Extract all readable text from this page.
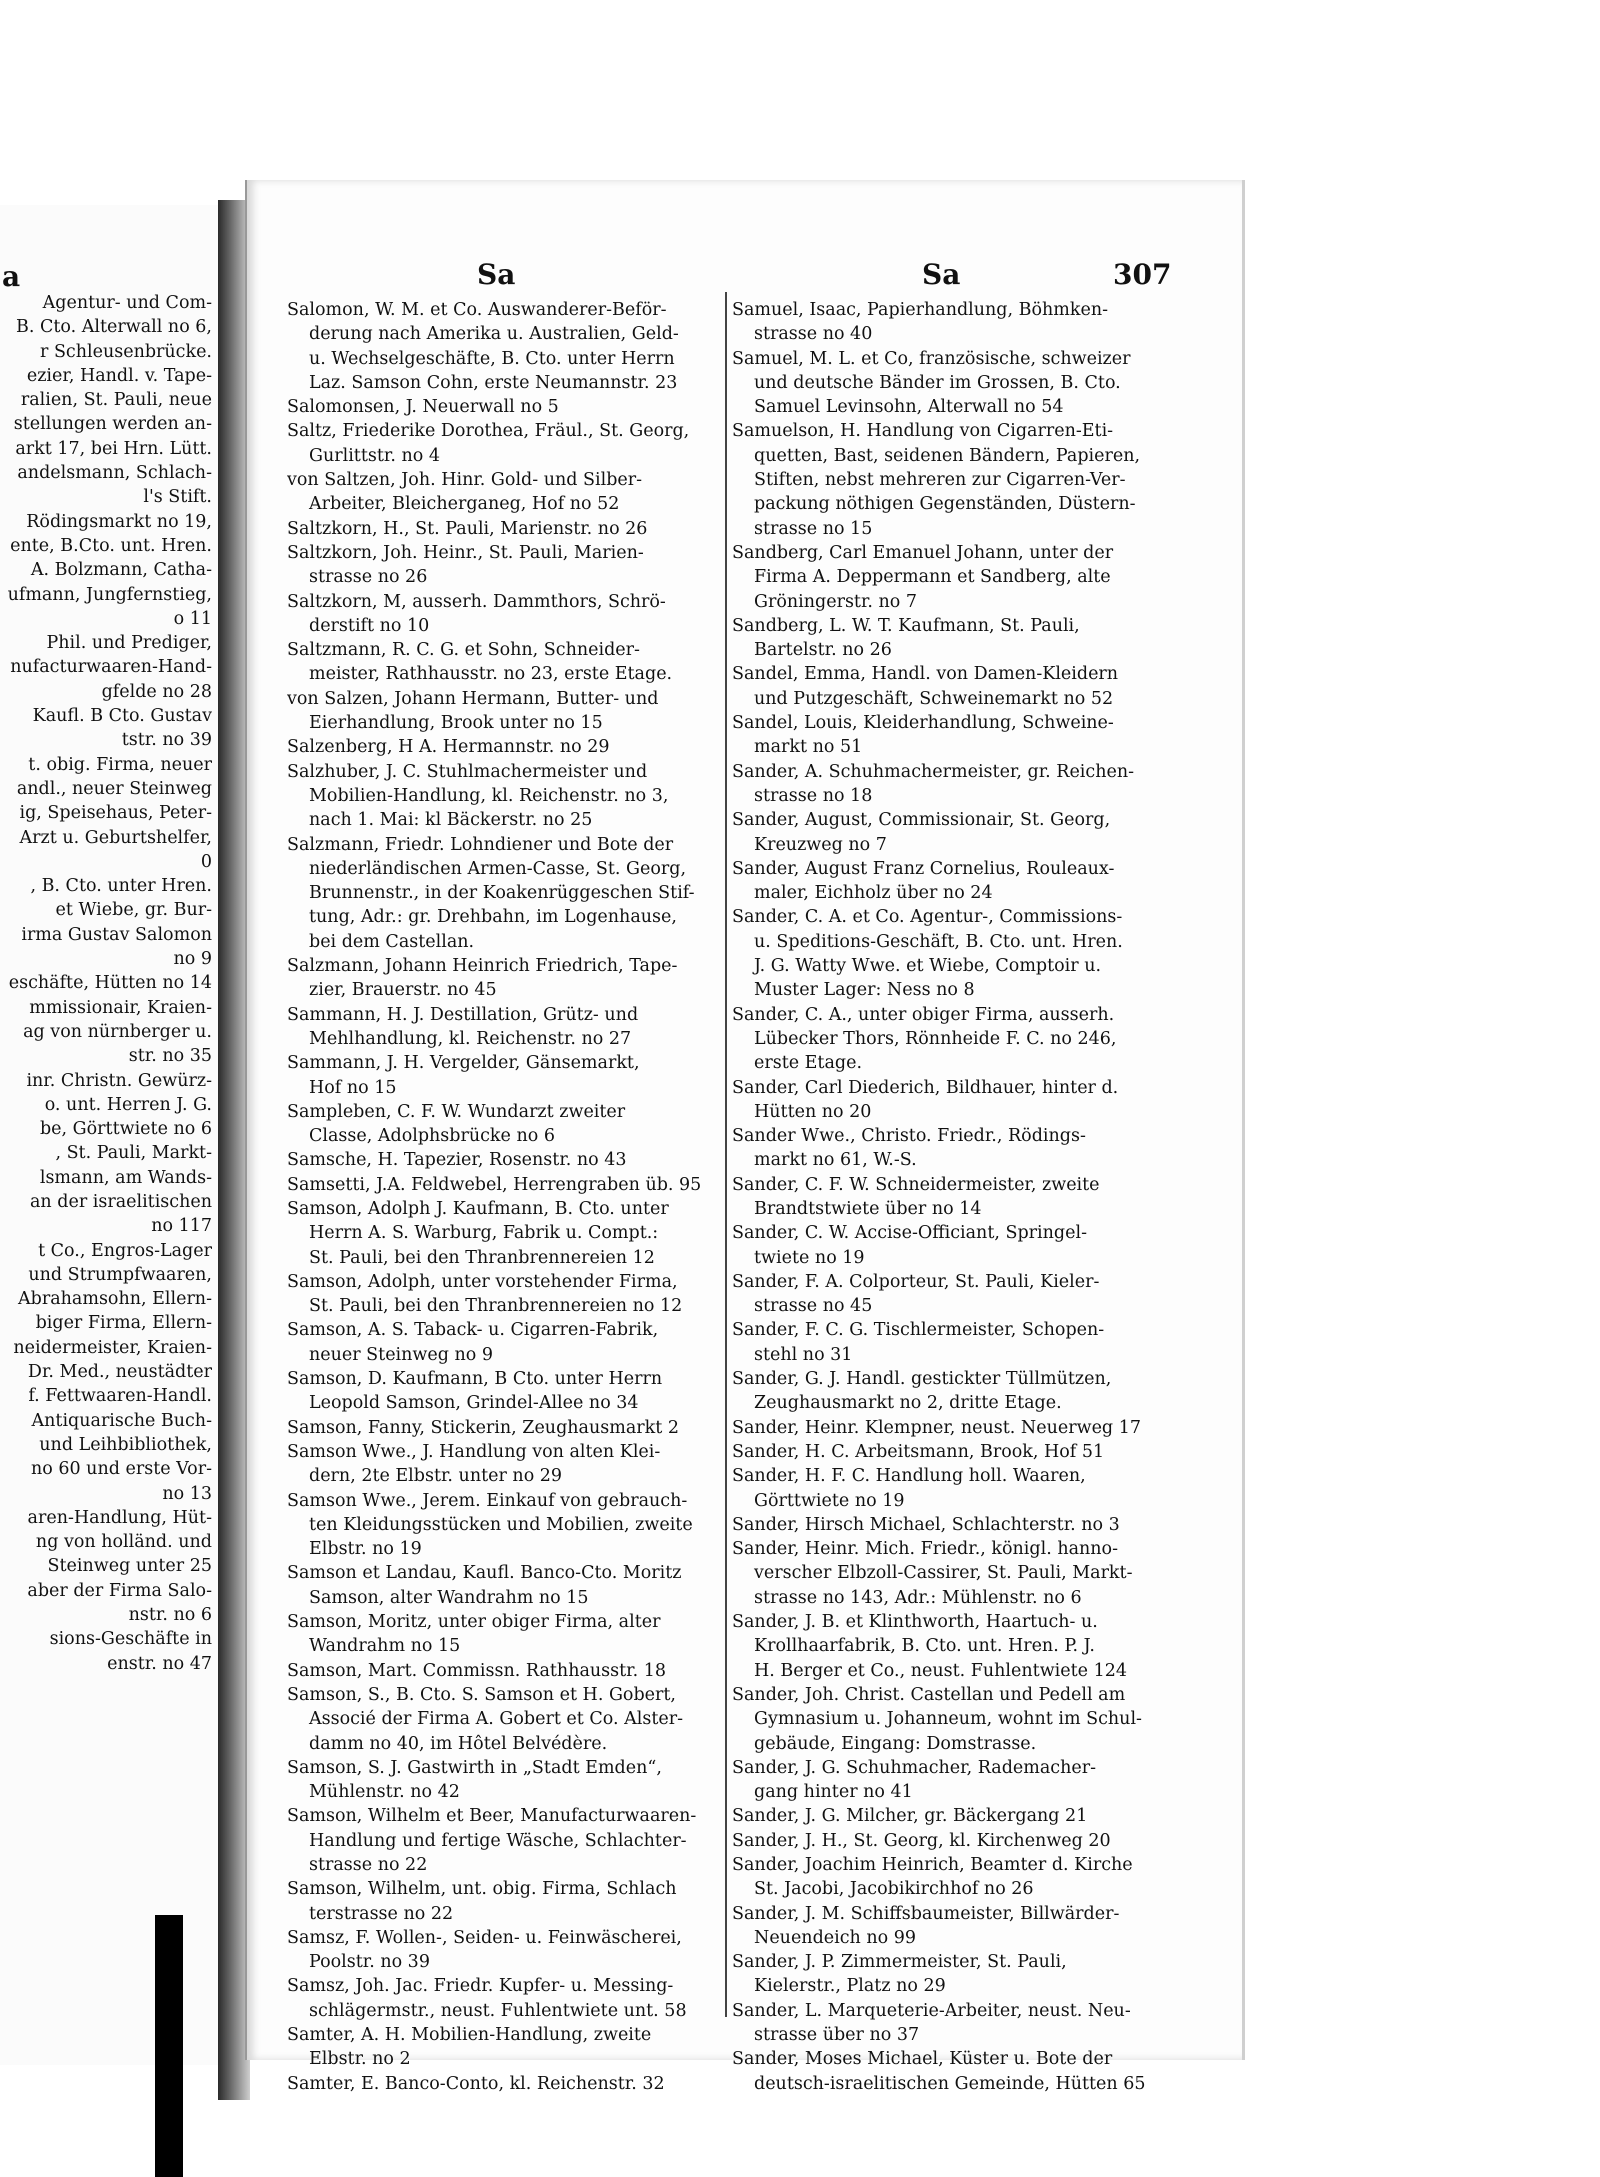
a
Agentur- und Com-
B. Cto. Alterwall no 6,
r Schleusenbrücke.
ezier, Handl. v. Tape-
ralien, St. Pauli, neue
stellungen werden an-
arkt 17, bei Hrn. Lütt.
andelsmann, Schlach-
l's Stift.
Rödingsmarkt no 19,
ente, B.Cto. unt. Hren.
A. Bolzmann, Catha-
ufmann, Jungfernstieg,
o 11
Phil. und Prediger,
nufacturwaaren-Hand-
gfelde no 28
Kaufl. B Cto. Gustav
tstr. no 39
t. obig. Firma, neuer
andl., neuer Steinweg
ig, Speisehaus, Peter-
Arzt u. Geburtshelfer,
0
, B. Cto. unter Hren.
et Wiebe, gr. Bur-
irma Gustav Salomon
no 9
eschäfte, Hütten no 14
mmissionair, Kraien-
ag von nürnberger u.
str. no 35
inr. Christn. Gewürz-
o. unt. Herren J. G.
be, Görttwiete no 6
, St. Pauli, Markt-
lsmann, am Wands-
an der israelitischen
no 117
t Co., Engros-Lager
und Strumpfwaaren,
Abrahamsohn, Ellern-
biger Firma, Ellern-
neidermeister, Kraien-
Dr. Med., neustädter
f. Fettwaaren-Handl.
Antiquarische Buch-
und Leihbibliothek,
no 60 und erste Vor-
no 13
aren-Handlung, Hüt-
ng von holländ. und
Steinweg unter 25
aber der Firma Salo-
nstr. no 6
sions-Geschäfte in
enstr. no 47
Sa	Sa	307
Salomon, W. M. et Co. Auswanderer-Beför-
derung nach Amerika u. Australien, Geld-
u. Wechselgeschäfte, B. Cto. unter Herrn
Laz. Samson Cohn, erste Neumannstr. 23
Salomonsen, J. Neuerwall no 5
Saltz, Friederike Dorothea, Fräul., St. Georg,
Gurlittstr. no 4
von Saltzen, Joh. Hinr. Gold- und Silber-
Arbeiter, Bleicherganeg, Hof no 52
Saltzkorn, H., St. Pauli, Marienstr. no 26
Saltzkorn, Joh. Heinr., St. Pauli, Marien-
strasse no 26
Saltzkorn, M, ausserh. Dammthors, Schrö-
derstift no 10
Saltzmann, R. C. G. et Sohn, Schneider-
meister, Rathhausstr. no 23, erste Etage.
von Salzen, Johann Hermann, Butter- und
Eierhandlung, Brook unter no 15
Salzenberg, H A. Hermannstr. no 29
Salzhuber, J. C. Stuhlmachermeister und
Mobilien-Handlung, kl. Reichenstr. no 3,
nach 1. Mai: kl Bäckerstr. no 25
Salzmann, Friedr. Lohndiener und Bote der
niederländischen Armen-Casse, St. Georg,
Brunnenstr., in der Koakenrüggeschen Stif-
tung, Adr.: gr. Drehbahn, im Logenhause,
bei dem Castellan.
Salzmann, Johann Heinrich Friedrich, Tape-
zier, Brauerstr. no 45
Sammann, H. J. Destillation, Grütz- und
Mehlhandlung, kl. Reichenstr. no 27
Sammann, J. H. Vergelder, Gänsemarkt,
Hof no 15
Sampleben, C. F. W. Wundarzt zweiter
Classe, Adolphsbrücke no 6
Samsche, H. Tapezier, Rosenstr. no 43
Samsetti, J.A. Feldwebel, Herrengraben üb. 95
Samson, Adolph J. Kaufmann, B. Cto. unter
Herrn A. S. Warburg, Fabrik u. Compt.:
St. Pauli, bei den Thranbrennereien 12
Samson, Adolph, unter vorstehender Firma,
St. Pauli, bei den Thranbrennereien no 12
Samson, A. S. Taback- u. Cigarren-Fabrik,
neuer Steinweg no 9
Samson, D. Kaufmann, B Cto. unter Herrn
Leopold Samson, Grindel-Allee no 34
Samson, Fanny, Stickerin, Zeughausmarkt 2
Samson Wwe., J. Handlung von alten Klei-
dern, 2te Elbstr. unter no 29
Samson Wwe., Jerem. Einkauf von gebrauch-
ten Kleidungsstücken und Mobilien, zweite
Elbstr. no 19
Samson et Landau, Kaufl. Banco-Cto. Moritz
Samson, alter Wandrahm no 15
Samson, Moritz, unter obiger Firma, alter
Wandrahm no 15
Samson, Mart. Commissn. Rathhausstr. 18
Samson, S., B. Cto. S. Samson et H. Gobert,
Associé der Firma A. Gobert et Co. Alster-
damm no 40, im Hôtel Belvédère.
Samson, S. J. Gastwirth in „Stadt Emden“,
Mühlenstr. no 42
Samson, Wilhelm et Beer, Manufacturwaaren-
Handlung und fertige Wäsche, Schlachter-
strasse no 22
Samson, Wilhelm, unt. obig. Firma, Schlach
terstrasse no 22
Samsz, F. Wollen-, Seiden- u. Feinwäscherei,
Poolstr. no 39
Samsz, Joh. Jac. Friedr. Kupfer- u. Messing-
schlägermstr., neust. Fuhlentwiete unt. 58
Samter, A. H. Mobilien-Handlung, zweite
Elbstr. no 2
Samter, E. Banco-Conto, kl. Reichenstr. 32
Samuel, Isaac, Papierhandlung, Böhmken-
strasse no 40
Samuel, M. L. et Co, französische, schweizer
und deutsche Bänder im Grossen, B. Cto.
Samuel Levinsohn, Alterwall no 54
Samuelson, H. Handlung von Cigarren-Eti-
quetten, Bast, seidenen Bändern, Papieren,
Stiften, nebst mehreren zur Cigarren-Ver-
packung nöthigen Gegenständen, Düstern-
strasse no 15
Sandberg, Carl Emanuel Johann, unter der
Firma A. Deppermann et Sandberg, alte
Gröningerstr. no 7
Sandberg, L. W. T. Kaufmann, St. Pauli,
Bartelstr. no 26
Sandel, Emma, Handl. von Damen-Kleidern
und Putzgeschäft, Schweinemarkt no 52
Sandel, Louis, Kleiderhandlung, Schweine-
markt no 51
Sander, A. Schuhmachermeister, gr. Reichen-
strasse no 18
Sander, August, Commissionair, St. Georg,
Kreuzweg no 7
Sander, August Franz Cornelius, Rouleaux-
maler, Eichholz über no 24
Sander, C. A. et Co. Agentur-, Commissions-
u. Speditions-Geschäft, B. Cto. unt. Hren.
J. G. Watty Wwe. et Wiebe, Comptoir u.
Muster Lager: Ness no 8
Sander, C. A., unter obiger Firma, ausserh.
Lübecker Thors, Rönnheide F. C. no 246,
erste Etage.
Sander, Carl Diederich, Bildhauer, hinter d.
Hütten no 20
Sander Wwe., Christo. Friedr., Rödings-
markt no 61, W.-S.
Sander, C. F. W. Schneidermeister, zweite
Brandtstwiete über no 14
Sander, C. W. Accise-Officiant, Springel-
twiete no 19
Sander, F. A. Colporteur, St. Pauli, Kieler-
strasse no 45
Sander, F. C. G. Tischlermeister, Schopen-
stehl no 31
Sander, G. J. Handl. gestickter Tüllmützen,
Zeughausmarkt no 2, dritte Etage.
Sander, Heinr. Klempner, neust. Neuerweg 17
Sander, H. C. Arbeitsmann, Brook, Hof 51
Sander, H. F. C. Handlung holl. Waaren,
Görttwiete no 19
Sander, Hirsch Michael, Schlachterstr. no 3
Sander, Heinr. Mich. Friedr., königl. hanno-
verscher Elbzoll-Cassirer, St. Pauli, Markt-
strasse no 143, Adr.: Mühlenstr. no 6
Sander, J. B. et Klinthworth, Haartuch- u.
Krollhaarfabrik, B. Cto. unt. Hren. P. J.
H. Berger et Co., neust. Fuhlentwiete 124
Sander, Joh. Christ. Castellan und Pedell am
Gymnasium u. Johanneum, wohnt im Schul-
gebäude, Eingang: Domstrasse.
Sander, J. G. Schuhmacher, Rademacher-
gang hinter no 41
Sander, J. G. Milcher, gr. Bäckergang 21
Sander, J. H., St. Georg, kl. Kirchenweg 20
Sander, Joachim Heinrich, Beamter d. Kirche
St. Jacobi, Jacobikirchhof no 26
Sander, J. M. Schiffsbaumeister, Billwärder-
Neuendeich no 99
Sander, J. P. Zimmermeister, St. Pauli,
Kielerstr., Platz no 29
Sander, L. Marqueterie-Arbeiter, neust. Neu-
strasse über no 37
Sander, Moses Michael, Küster u. Bote der
deutsch-israelitischen Gemeinde, Hütten 65
